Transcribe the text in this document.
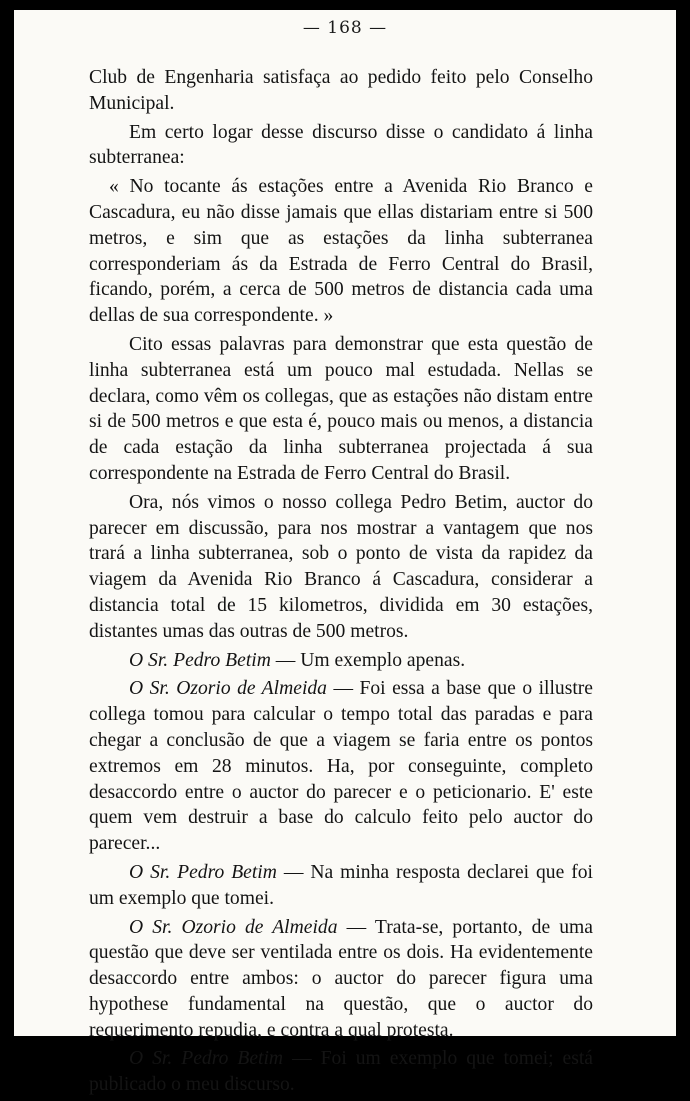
— 168 —

Club de Engenharia satisfaça ao pedido feito pelo Conselho Municipal.

Em certo logar desse discurso disse o candidato á linha subterranea:

« No tocante ás estações entre a Avenida Rio Branco e Cascadura, eu não disse jamais que ellas distariam entre si 500 metros, e sim que as estações da linha subterranea corresponderiam ás da Estrada de Ferro Central do Brasil, ficando, porém, a cerca de 500 metros de distancia cada uma dellas de sua correspondente. »

Cito essas palavras para demonstrar que esta questão de linha subterranea está um pouco mal estudada. Nellas se declara, como vêm os collegas, que as estações não distam entre si de 500 metros e que esta é, pouco mais ou menos, a distancia de cada estação da linha subterranea projectada á sua correspondente na Estrada de Ferro Central do Brasil.

Ora, nós vimos o nosso collega Pedro Betim, auctor do parecer em discussão, para nos mostrar a vantagem que nos trará a linha subterranea, sob o ponto de vista da rapidez da viagem da Avenida Rio Branco á Cascadura, considerar a distancia total de 15 kilometros, dividida em 30 estações, distantes umas das outras de 500 metros.

O Sr. Pedro Betim — Um exemplo apenas.

O Sr. Ozorio de Almeida — Foi essa a base que o illustre collega tomou para calcular o tempo total das paradas e para chegar a conclusão de que a viagem se faria entre os pontos extremos em 28 minutos. Ha, por conseguinte, completo desaccordo entre o auctor do parecer e o peticionario. E' este quem vem destruir a base do calculo feito pelo auctor do parecer...

O Sr. Pedro Betim — Na minha resposta declarei que foi um exemplo que tomei.

O Sr. Ozorio de Almeida — Trata-se, portanto, de uma questão que deve ser ventilada entre os dois. Ha evidentemente desaccordo entre ambos: o auctor do parecer figura uma hypothese fundamental na questão, que o auctor do requerimento repudia, e contra a qual protesta.

O Sr. Pedro Betim — Foi um exemplo que tomei; está publicado o meu discurso.
